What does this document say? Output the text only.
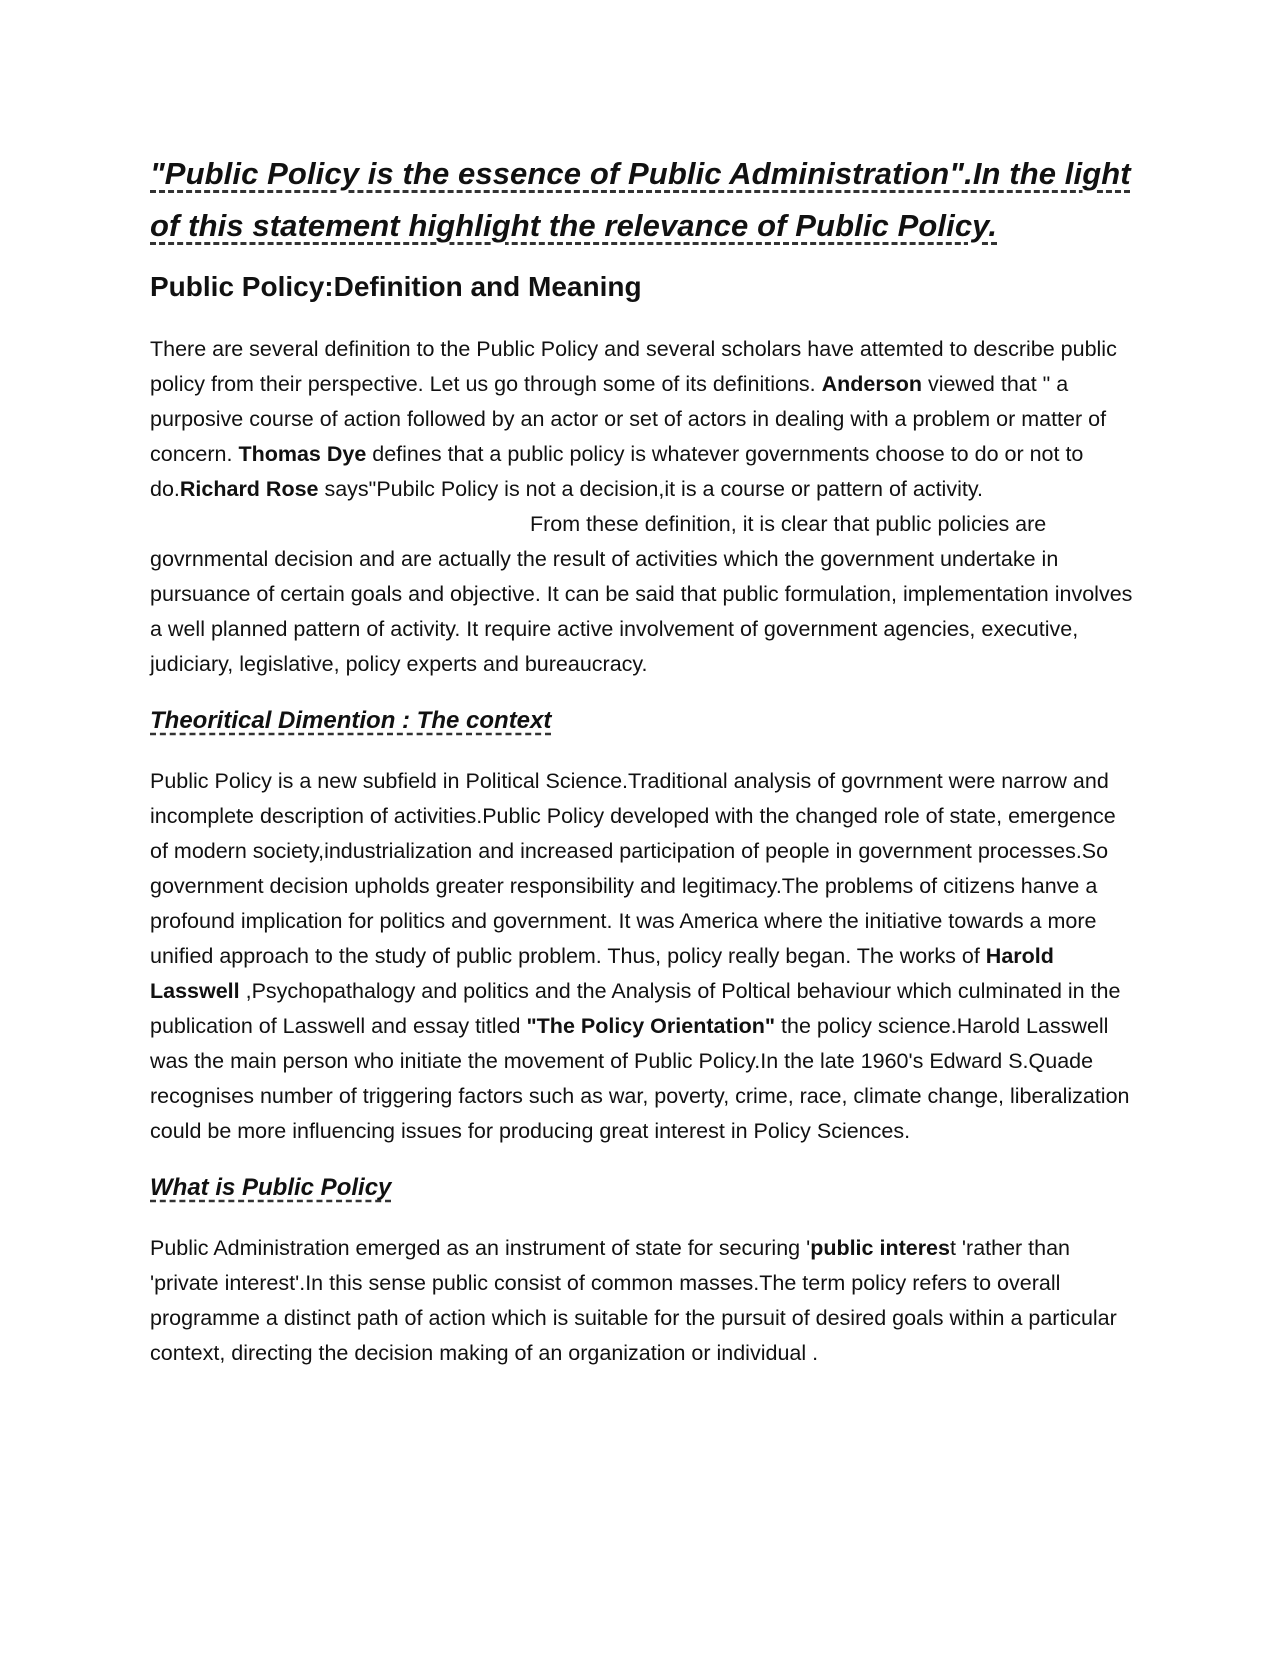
"Public Policy is the essence of Public Administration".In the light of this statement highlight the relevance of Public Policy.
Public Policy:Definition and Meaning

There are several definition to the Public Policy and several scholars have attemted to describe public policy from their perspective. Let us go through some of its definitions. Anderson viewed that " a purposive course of action followed by an actor or set of actors in dealing with a problem or matter of concern. Thomas Dye defines that a public policy is whatever governments choose to do or not to do.Richard Rose says"Pubilc Policy is not a decision,it is a course or pattern of activity.From these definition, it is clear that public policies are govrnmental decision and are actually the result of activities which the government undertake in pursuance of certain goals and objective. It can be said that public formulation, implementation involves a well planned pattern of activity. It require active involvement of government agencies, executive, judiciary, legislative, policy experts and bureaucracy.

Theoritical Dimention : The context

Public Policy is a new subfield in Political Science.Traditional analysis of govrnment were narrow and incomplete description of activities.Public Policy developed with the changed role of state, emergence of modern society,industrialization and increased participation of people in government processes.So government decision upholds greater responsibility and legitimacy.The problems of citizens hanve a profound implication for politics and government. It was America where the initiative towards a more unified approach to the study of public problem. Thus, policy really began. The works of Harold Lasswell ,Psychopathalogy and politics and the Analysis of Poltical behaviour which culminated in the publication of Lasswell and essay titled "The Policy Orientation" the policy science.Harold Lasswell was the main person who initiate the movement of Public Policy.In the late 1960's Edward S.Quade recognises number of triggering factors such as war, poverty, crime, race, climate change, liberalization could be more influencing issues for producing great interest in Policy Sciences.

What is Public Policy

Public Administration emerged as an instrument of state for securing 'public interest 'rather than 'private interest'.In this sense public consist of common masses.The term policy refers to overall programme a distinct path of action which is suitable for the pursuit of desired goals within a particular context, directing the decision making of an organization or individual .
